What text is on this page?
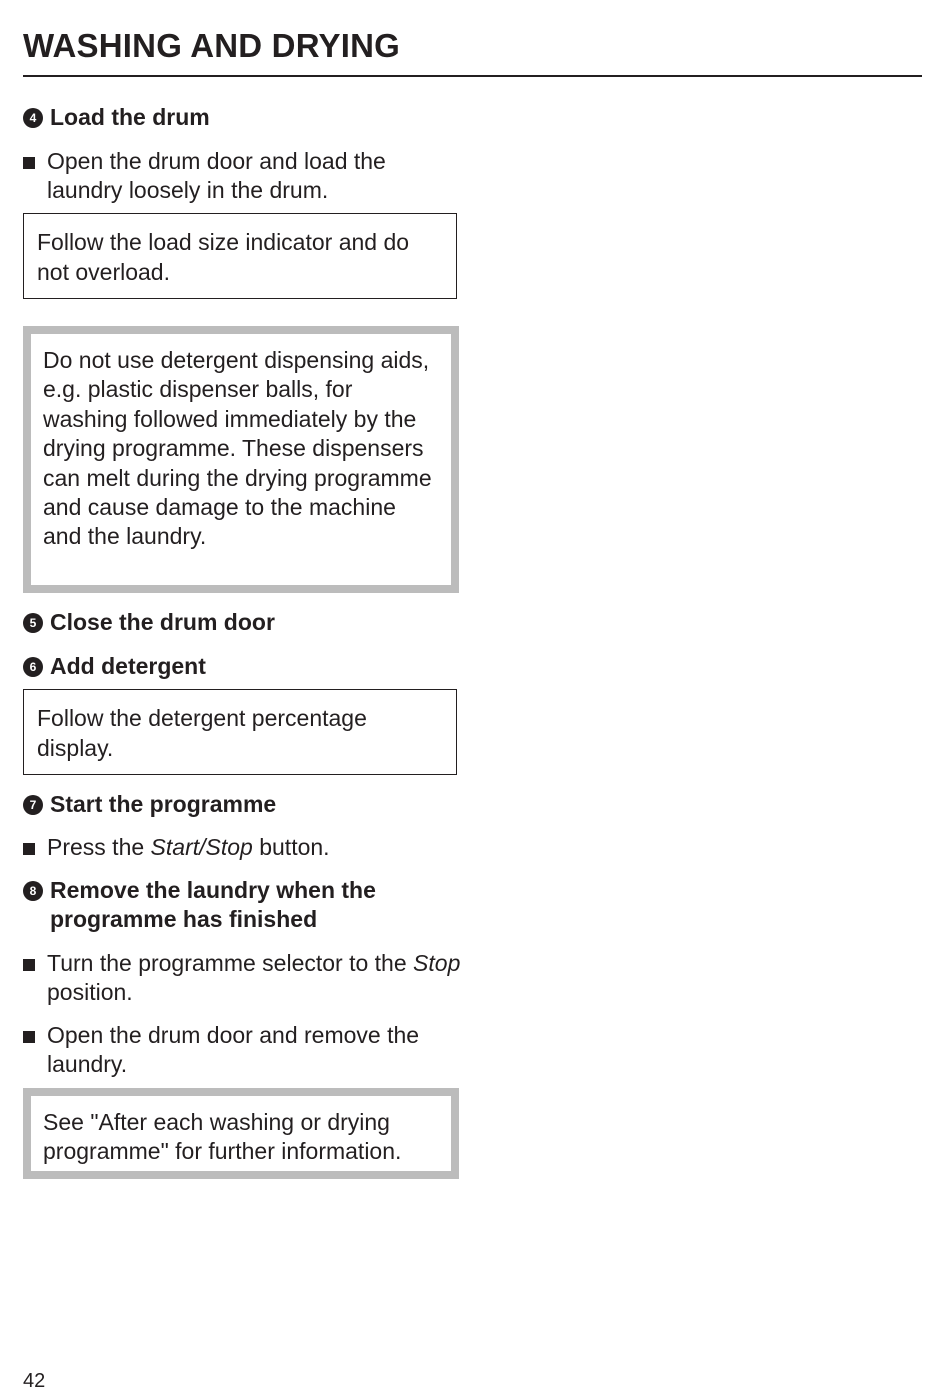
WASHING AND DRYING
4 Load the drum
Open the drum door and load the laundry loosely in the drum.
Follow the load size indicator and do not overload.
Do not use detergent dispensing aids, e.g. plastic dispenser balls, for washing followed immediately by the drying programme. These dispensers can melt during the drying programme and cause damage to the machine and the laundry.
5 Close the drum door
6 Add detergent
Follow the detergent percentage display.
7 Start the programme
Press the Start/Stop button.
8 Remove the laundry when the programme has finished
Turn the programme selector to the Stop position.
Open the drum door and remove the laundry.
See "After each washing or drying programme" for further information.
42
